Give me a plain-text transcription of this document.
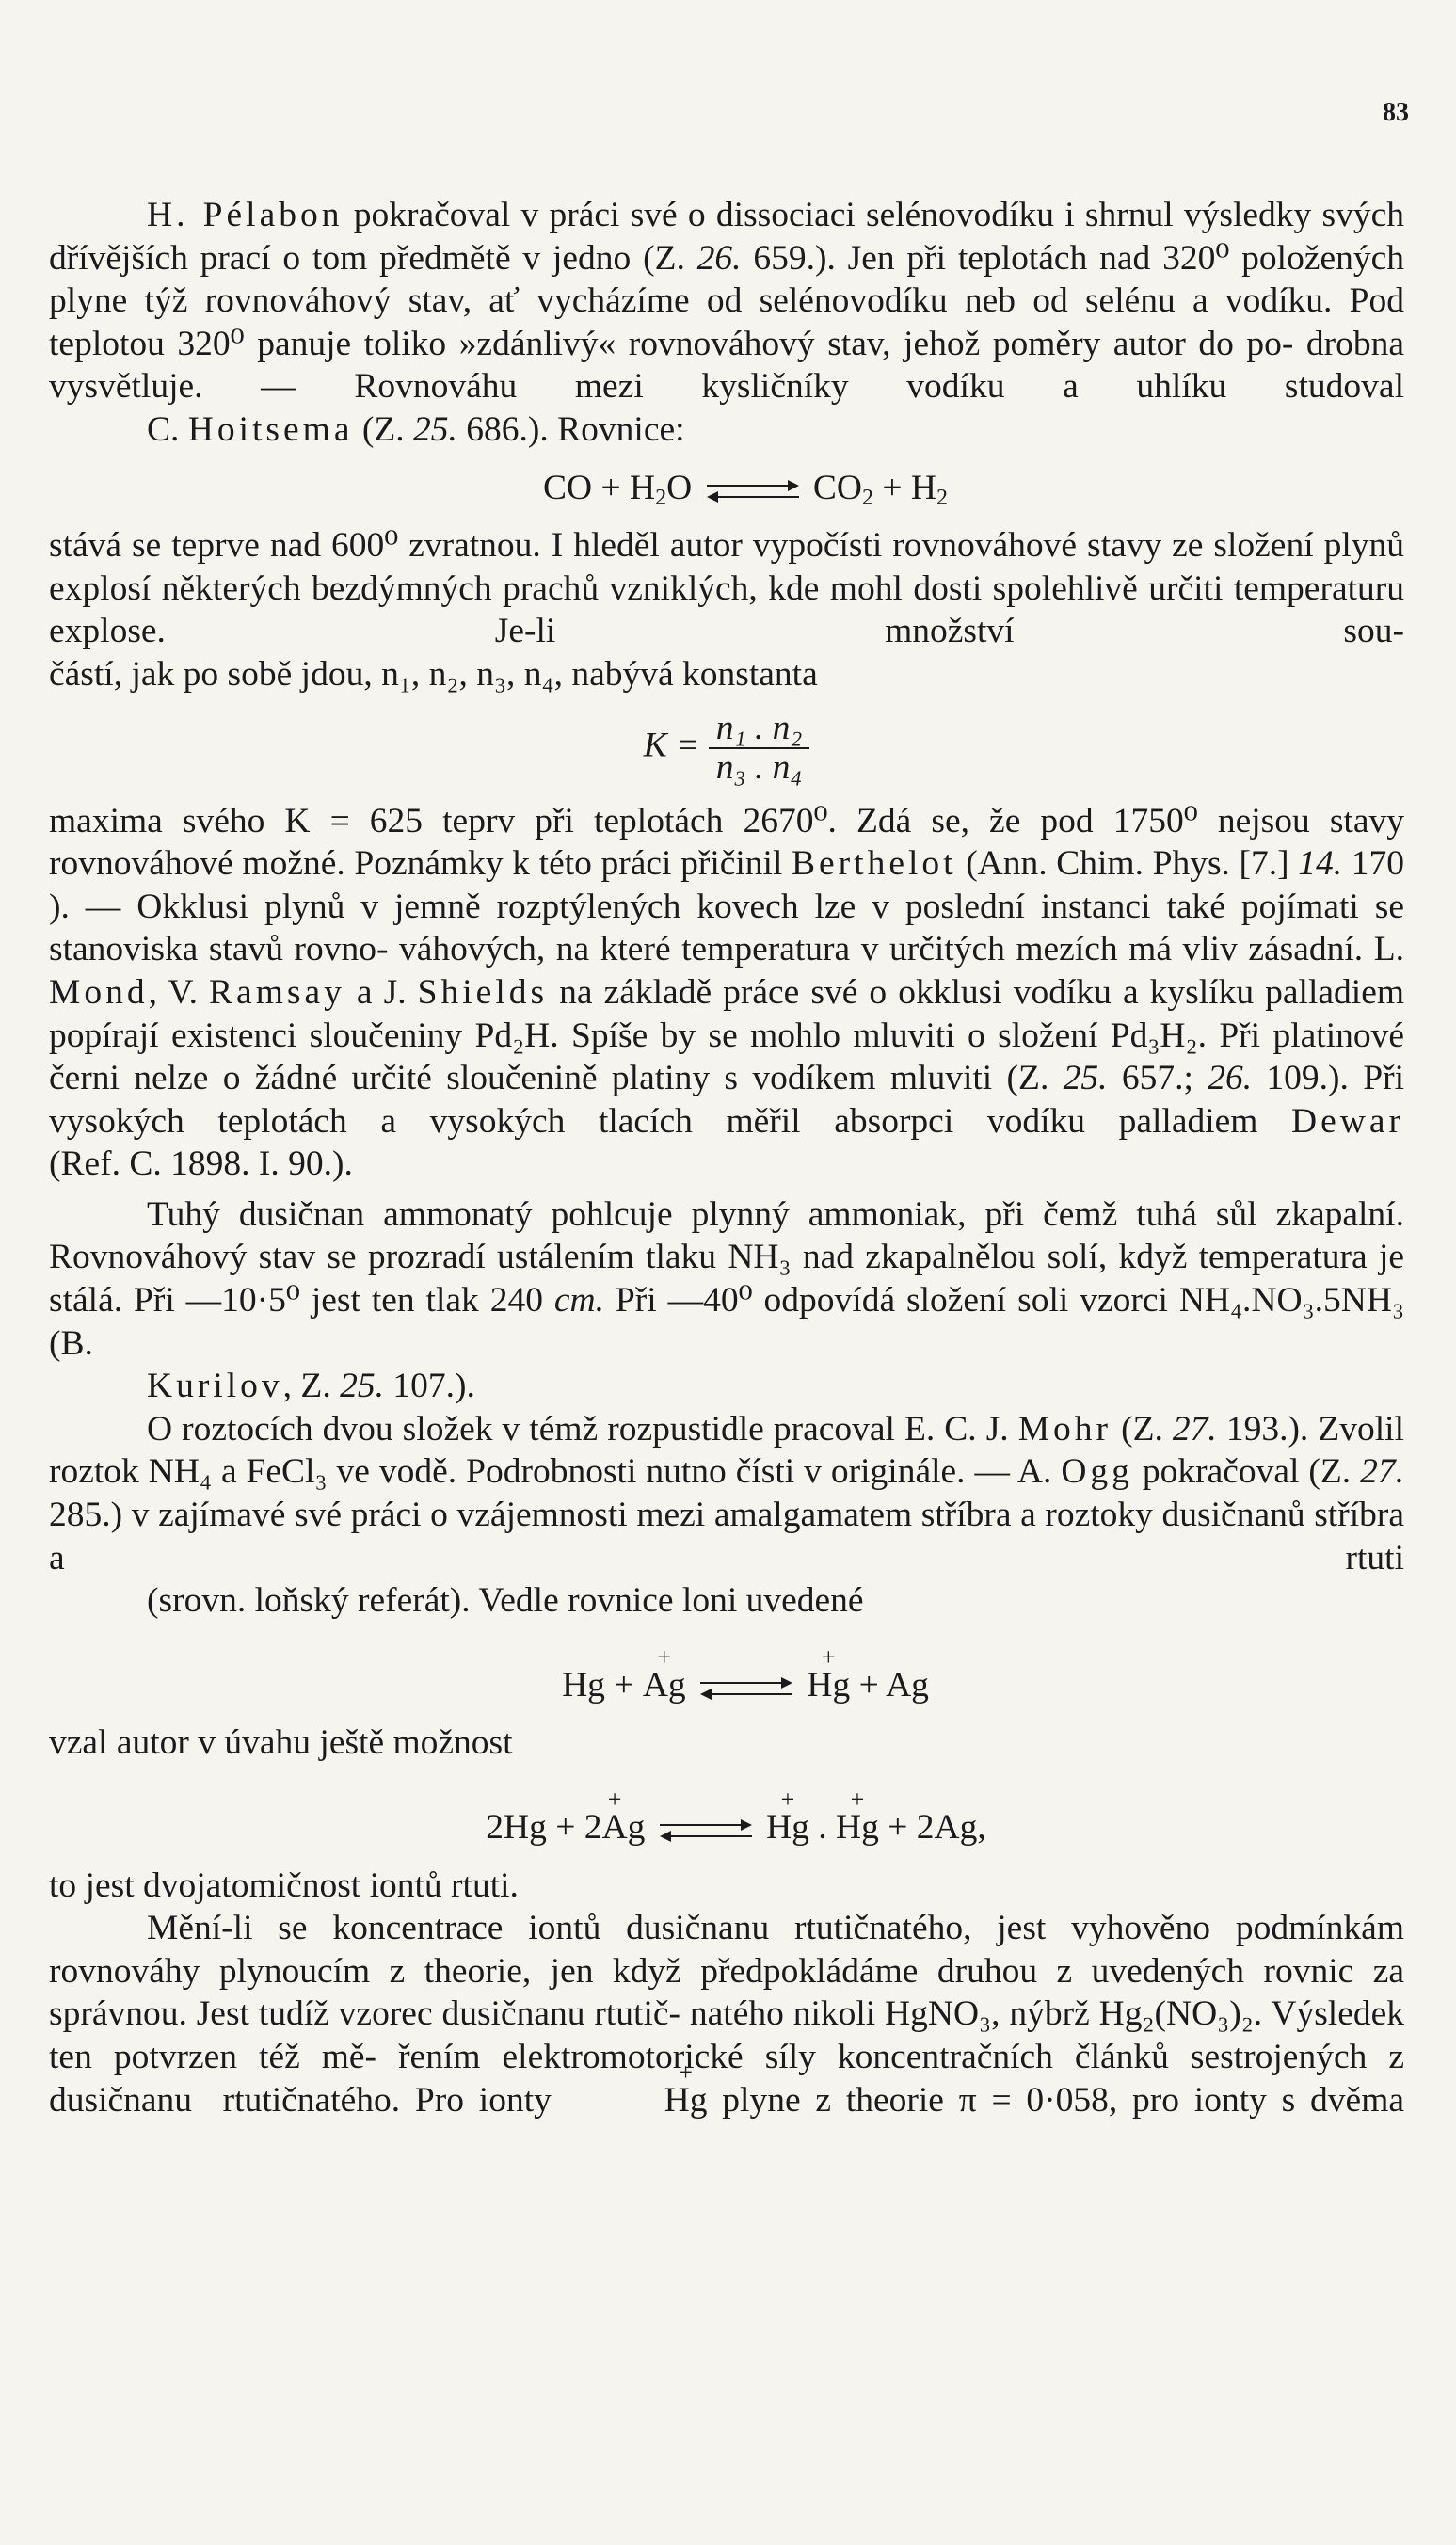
83

H. Pélabon pokračoval v práci své o dissociaci selénovodíku i shrnul výsledky svých dřívějších prací o tom předmětě v jedno (Z. 26. 659.). Jen při teplotách nad 320⁰ položených plyne týž rovnováhový stav, ať vycházíme od selénovodíku neb od selénu a vodíku. Pod teplotou 320⁰ panuje toliko »zdánlivý« rovnováhový stav, jehož poměry autor do po- drobna vysvětluje. — Rovnováhu mezi kysličníky vodíku a uhlíku studoval
C. Hoitsema (Z. 25. 686.). Rovnice:

CO + $H_2O$ ⇌ $CO_2 + H_2$

stává se teprve nad 600⁰ zvratnou. I hleděl autor vypočísti rovnováhové stavy ze složení plynů explosí některých bezdýmných prachů vzniklých, kde mohl dosti spolehlivě určiti temperaturu explose. Je-li množství sou-
částí, jak po sobě jdou, n₁, n₂, n₃, n₄, nabývá konstanta

$K = \frac{\text{n₁ . n₂}}{\text{n₃ . n₄}}$

maxima svého K = 625 teprv při teplotách 2670⁰. Zdá se, že pod 1750⁰ nejsou stavy rovnováhové možné. Poznámky k této práci přičinil Berthelot (Ann. Chim. Phys. [7.] 14. 170 ). — Okklusi plynů v jemně rozptýlených kovech lze v poslední instanci také pojímati se stanoviska stavů rovno- váhových, na které temperatura v určitých mezích má vliv zásadní. L. Mond, V. Ramsay a J. Shields na základě práce své o okklusi vodíku a kyslíku palladiem popírají existenci sloučeniny Pd₂H. Spíše by se mohlo mluviti o složení Pd₃H₂. Při platinové černi nelze o žádné určité sloučenině platiny s vodíkem mluviti (Z. 25. 657.; 26. 109.). Při vysokých teplotách a vysokých tlacích měřil absorpci vodíku palladiem Dewar
(Ref. C. 1898. I. 90.).

Tuhý dusičnan ammonatý pohlcuje plynný ammoniak, při čemž tuhá sůl zkapalní. Rovnováhový stav se prozradí ustálením tlaku NH₃ nad zkapalnělou solí, když temperatura je stálá. Při —10·5⁰ jest ten tlak 240 cm. Při —40⁰ odpovídá složení soli vzorci NH₄.NO₃.5NH₃ (B.
Kurilov, Z. 25. 107.).

O roztocích dvou složek v témž rozpustidle pracoval E. C. J. Mohr (Z. 27. 193.). Zvolil roztok NH₄ a FeCl₃ ve vodě. Podrobnosti nutno čísti v originále. — A. Ogg pokračoval (Z. 27. 285.) v zajímavé své práci o vzájemnosti mezi amalgamatem stříbra a roztoky dusičnanů stříbra a rtuti
(srovn. loňský referát). Vedle rovnice loni uvedené

Hg + + Ag ⇌ + Hg + Ag

vzal autor v úvahu ještě možnost

2Hg + + 2Ag ⇌ + Hg . + Hg + 2Ag,

to jest dvojatomičnost iontů rtuti.

Mění-li se koncentrace iontů dusičnanu rtutičnatého, jest vyhověno podmínkám rovnováhy plynoucím z theorie, jen když předpokládáme druhou z uvedených rovnic za správnou. Jest tudíž vzorec dusičnanu rtutič- natého nikoli HgNO₃, nýbrž Hg₂(NO₃)₂. Výsledek ten potvrzen též mě- řením elektromotorické síly koncentračních článků sestrojených z dusičnanu rtutičnatého. Pro ionty	+ Hg plyne z theorie π = 0·058, pro ionty s dvěma
